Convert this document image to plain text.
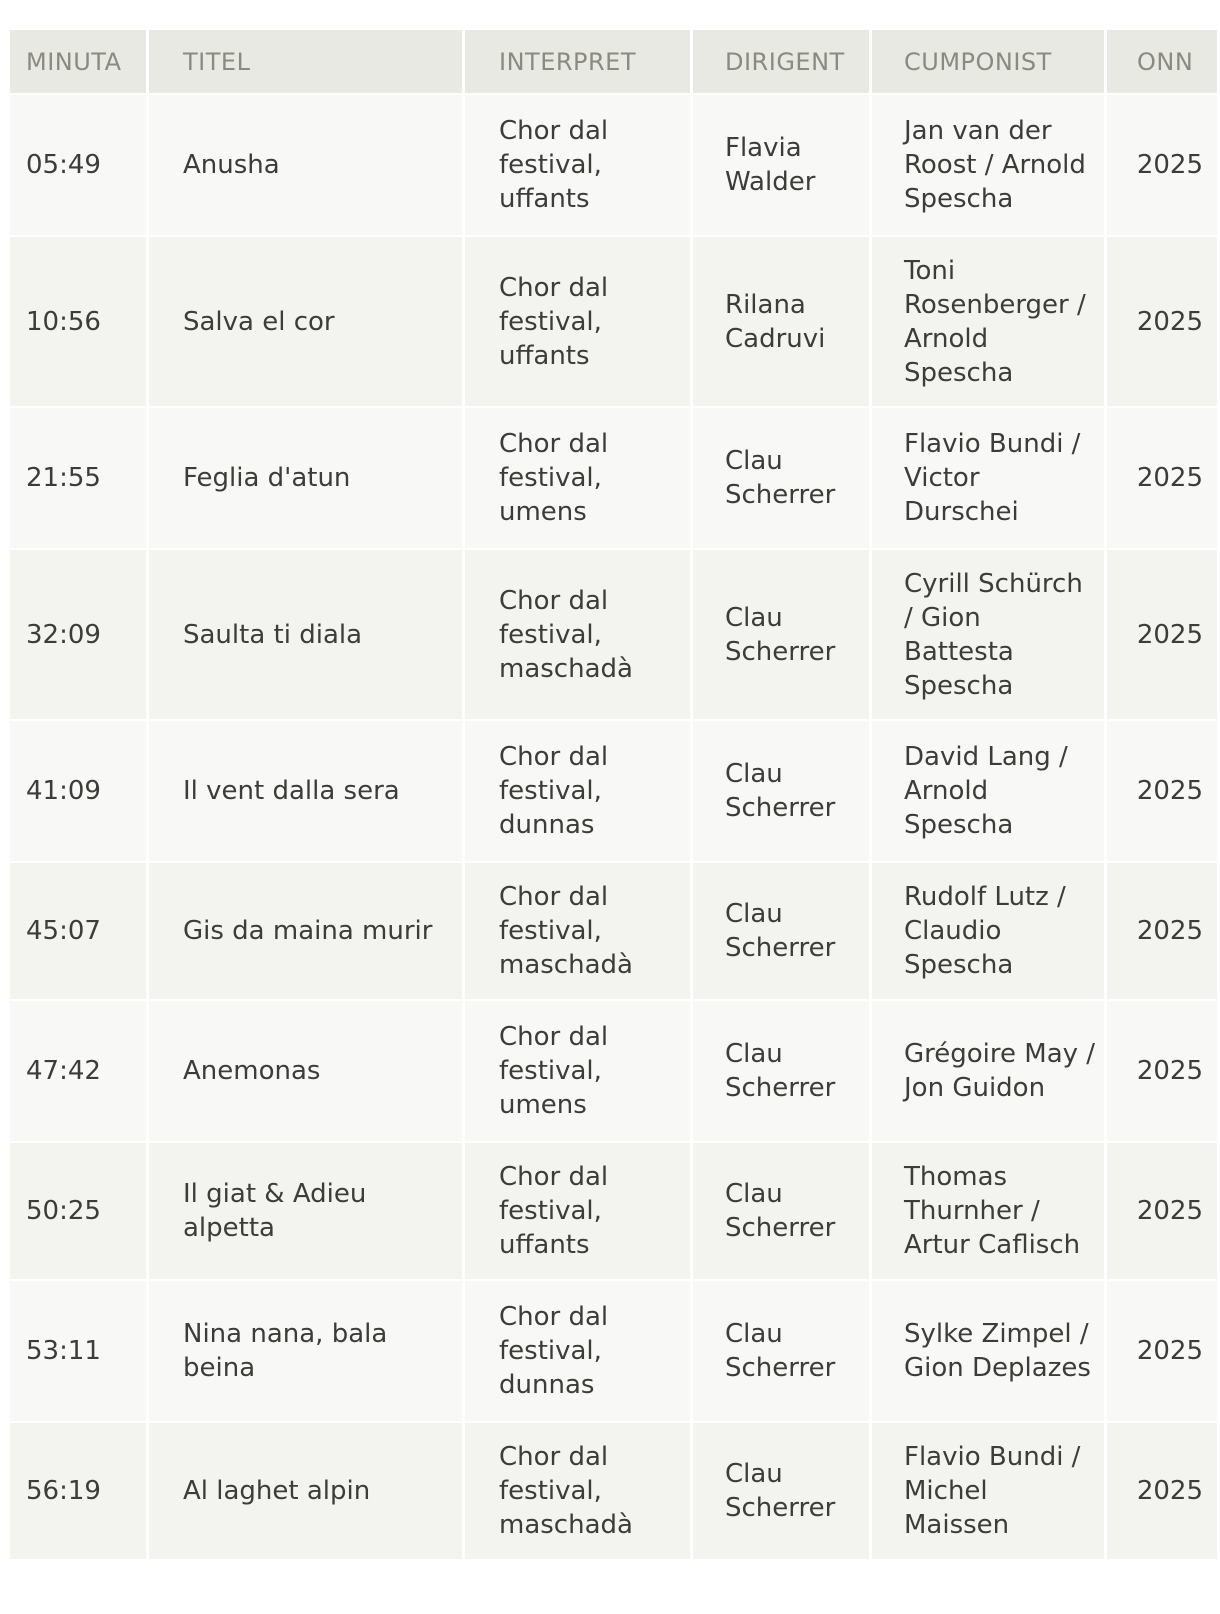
MINUTA	TITEL	INTERPRET	DIRIGENT	CUMPONIST	ONN
05:49	Anusha	Chor dal festival, uffants	Flavia Walder	Jan van der Roost / Arnold Spescha	2025
10:56	Salva el cor	Chor dal festival, uffants	Rilana Cadruvi	Toni Rosenberger / Arnold Spescha	2025
21:55	Feglia d'atun	Chor dal festival, umens	Clau Scherrer	Flavio Bundi / Victor Durschei	2025
32:09	Saulta ti diala	Chor dal festival, maschadà	Clau Scherrer	Cyrill Schürch / Gion Battesta Spescha	2025
41:09	Il vent dalla sera	Chor dal festival, dunnas	Clau Scherrer	David Lang / Arnold Spescha	2025
45:07	Gis da maina murir	Chor dal festival, maschadà	Clau Scherrer	Rudolf Lutz / Claudio Spescha	2025
47:42	Anemonas	Chor dal festival, umens	Clau Scherrer	Grégoire May / Jon Guidon	2025
50:25	Il giat & Adieu alpetta	Chor dal festival, uffants	Clau Scherrer	Thomas Thurnher / Artur Caflisch	2025
53:11	Nina nana, bala beina	Chor dal festival, dunnas	Clau Scherrer	Sylke Zimpel / Gion Deplazes	2025
56:19	Al laghet alpin	Chor dal festival, maschadà	Clau Scherrer	Flavio Bundi / Michel Maissen	2025
